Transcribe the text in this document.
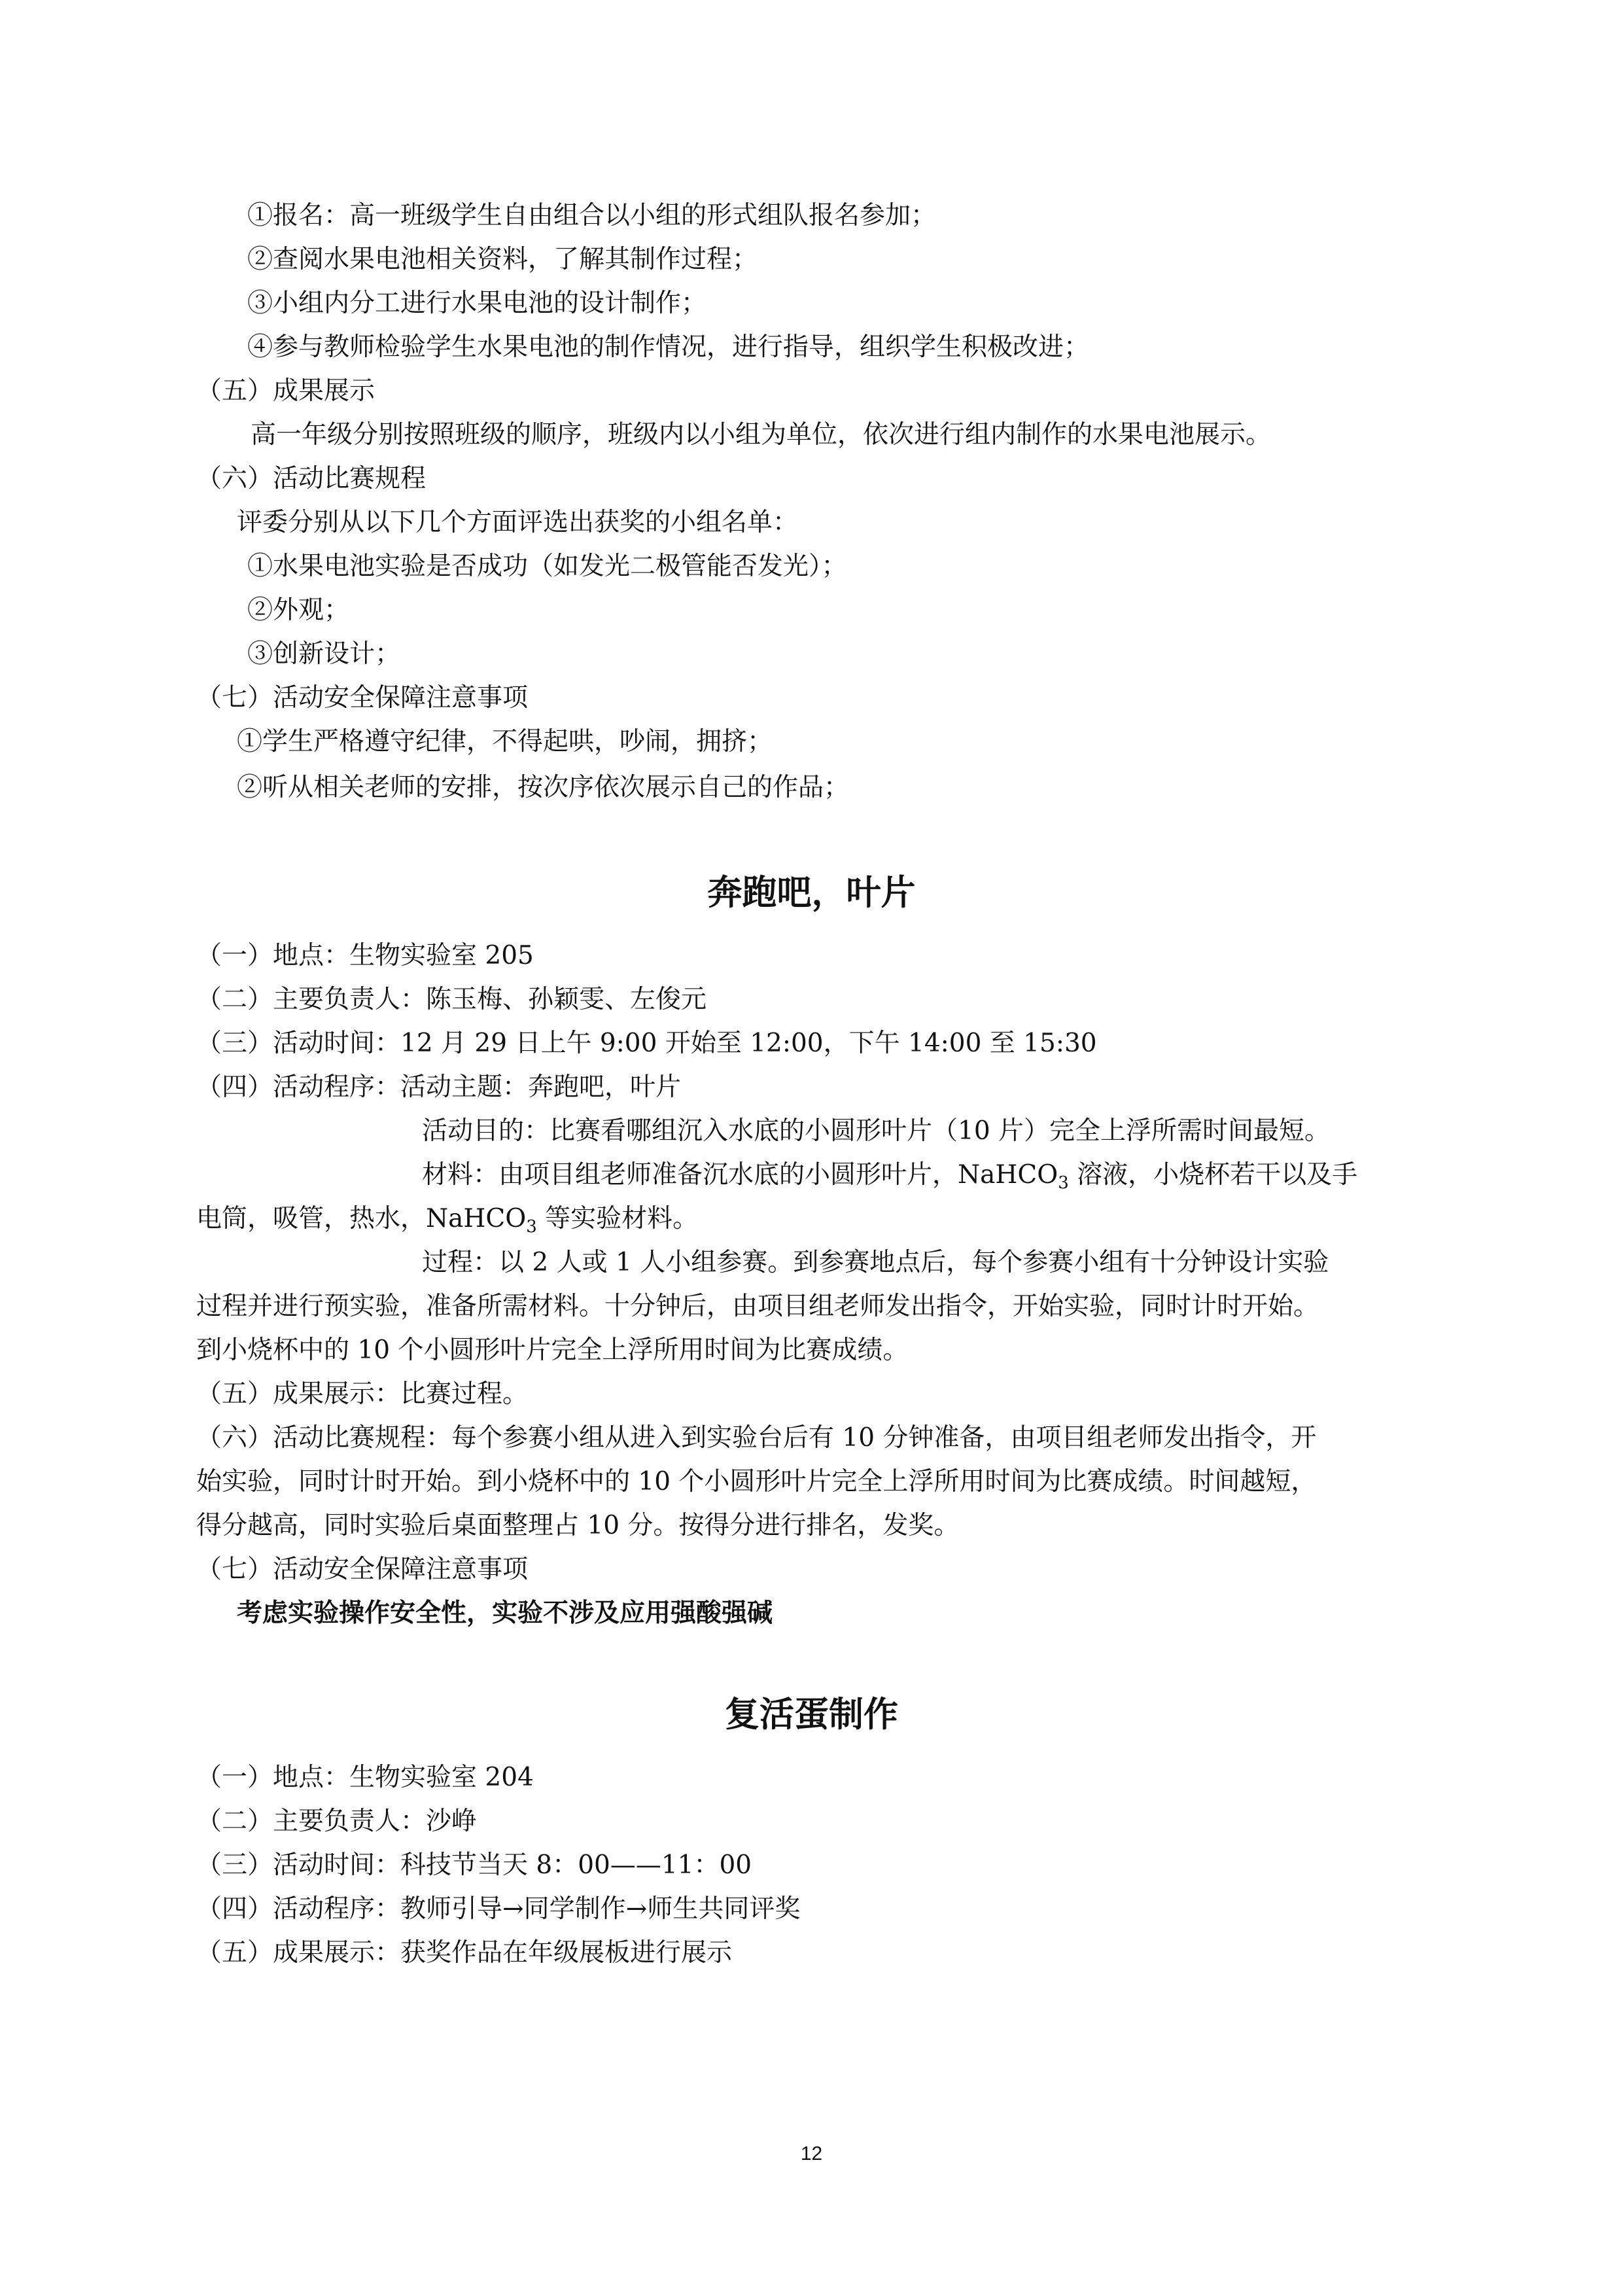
①报名：高一班级学生自由组合以小组的形式组队报名参加；
②查阅水果电池相关资料，了解其制作过程；
③小组内分工进行水果电池的设计制作；
④参与教师检验学生水果电池的制作情况，进行指导，组织学生积极改进；
（五）成果展示
高一年级分别按照班级的顺序，班级内以小组为单位，依次进行组内制作的水果电池展示。
（六）活动比赛规程
评委分别从以下几个方面评选出获奖的小组名单：
①水果电池实验是否成功（如发光二极管能否发光）；
②外观；
③创新设计；
（七）活动安全保障注意事项
①学生严格遵守纪律，不得起哄，吵闹，拥挤；
②听从相关老师的安排，按次序依次展示自己的作品；
奔跑吧，叶片
（一）地点：生物实验室 205
（二）主要负责人：陈玉梅、孙颖雯、左俊元
（三）活动时间：12 月 29 日上午 9:00 开始至 12:00，下午 14:00 至 15:30
（四）活动程序：活动主题：奔跑吧，叶片
活动目的：比赛看哪组沉入水底的小圆形叶片（10 片）完全上浮所需时间最短。
材料：由项目组老师准备沉水底的小圆形叶片，NaHCO$_3$ 溶液，小烧杯若干以及手
电筒，吸管，热水，NaHCO$_3$ 等实验材料。
过程：以 2 人或 1 人小组参赛。到参赛地点后，每个参赛小组有十分钟设计实验
过程并进行预实验，准备所需材料。十分钟后，由项目组老师发出指令，开始实验，同时计时开始。
到小烧杯中的 10 个小圆形叶片完全上浮所用时间为比赛成绩。
（五）成果展示：比赛过程。
（六）活动比赛规程：每个参赛小组从进入到实验台后有 10 分钟准备，由项目组老师发出指令，开
始实验，同时计时开始。到小烧杯中的 10 个小圆形叶片完全上浮所用时间为比赛成绩。时间越短，
得分越高，同时实验后桌面整理占 10 分。按得分进行排名，发奖。
（七）活动安全保障注意事项
考虑实验操作安全性，实验不涉及应用强酸强碱
复活蛋制作
（一）地点：生物实验室 204
（二）主要负责人：沙峥
（三）活动时间：科技节当天 8：00——11：00
（四）活动程序：教师引导→同学制作→师生共同评奖
（五）成果展示：获奖作品在年级展板进行展示
12
